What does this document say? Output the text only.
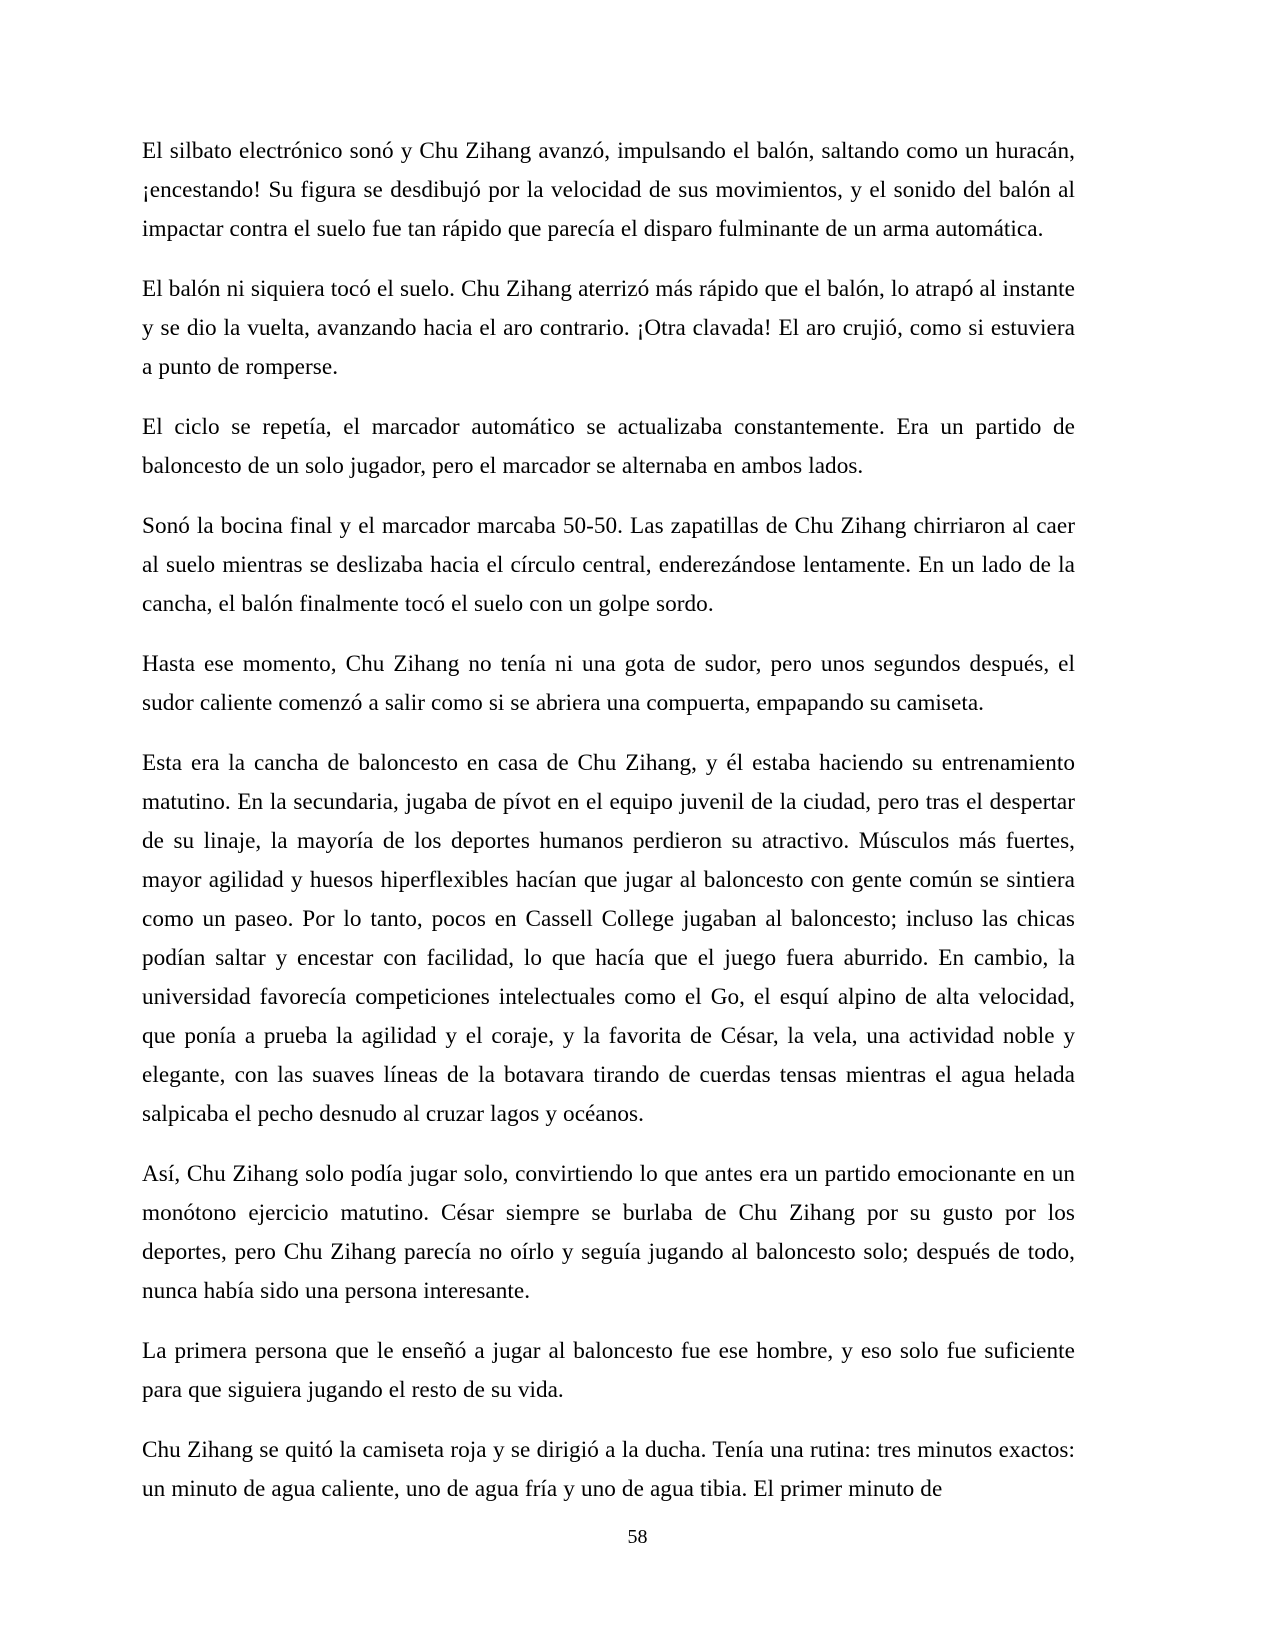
El silbato electrónico sonó y Chu Zihang avanzó, impulsando el balón, saltando como un huracán, ¡encestando! Su figura se desdibujó por la velocidad de sus movimientos, y el sonido del balón al impactar contra el suelo fue tan rápido que parecía el disparo fulminante de un arma automática.

El balón ni siquiera tocó el suelo. Chu Zihang aterrizó más rápido que el balón, lo atrapó al instante y se dio la vuelta, avanzando hacia el aro contrario. ¡Otra clavada! El aro crujió, como si estuviera a punto de romperse.

El ciclo se repetía, el marcador automático se actualizaba constantemente. Era un partido de baloncesto de un solo jugador, pero el marcador se alternaba en ambos lados.

Sonó la bocina final y el marcador marcaba 50-50. Las zapatillas de Chu Zihang chirriaron al caer al suelo mientras se deslizaba hacia el círculo central, enderezándose lentamente. En un lado de la cancha, el balón finalmente tocó el suelo con un golpe sordo.

Hasta ese momento, Chu Zihang no tenía ni una gota de sudor, pero unos segundos después, el sudor caliente comenzó a salir como si se abriera una compuerta, empapando su camiseta.

Esta era la cancha de baloncesto en casa de Chu Zihang, y él estaba haciendo su entrenamiento matutino. En la secundaria, jugaba de pívot en el equipo juvenil de la ciudad, pero tras el despertar de su linaje, la mayoría de los deportes humanos perdieron su atractivo. Músculos más fuertes, mayor agilidad y huesos hiperflexibles hacían que jugar al baloncesto con gente común se sintiera como un paseo. Por lo tanto, pocos en Cassell College jugaban al baloncesto; incluso las chicas podían saltar y encestar con facilidad, lo que hacía que el juego fuera aburrido. En cambio, la universidad favorecía competiciones intelectuales como el Go, el esquí alpino de alta velocidad, que ponía a prueba la agilidad y el coraje, y la favorita de César, la vela, una actividad noble y elegante, con las suaves líneas de la botavara tirando de cuerdas tensas mientras el agua helada salpicaba el pecho desnudo al cruzar lagos y océanos.

Así, Chu Zihang solo podía jugar solo, convirtiendo lo que antes era un partido emocionante en un monótono ejercicio matutino. César siempre se burlaba de Chu Zihang por su gusto por los deportes, pero Chu Zihang parecía no oírlo y seguía jugando al baloncesto solo; después de todo, nunca había sido una persona interesante.

La primera persona que le enseñó a jugar al baloncesto fue ese hombre, y eso solo fue suficiente para que siguiera jugando el resto de su vida.

Chu Zihang se quitó la camiseta roja y se dirigió a la ducha. Tenía una rutina: tres minutos exactos: un minuto de agua caliente, uno de agua fría y uno de agua tibia. El primer minuto de

58
